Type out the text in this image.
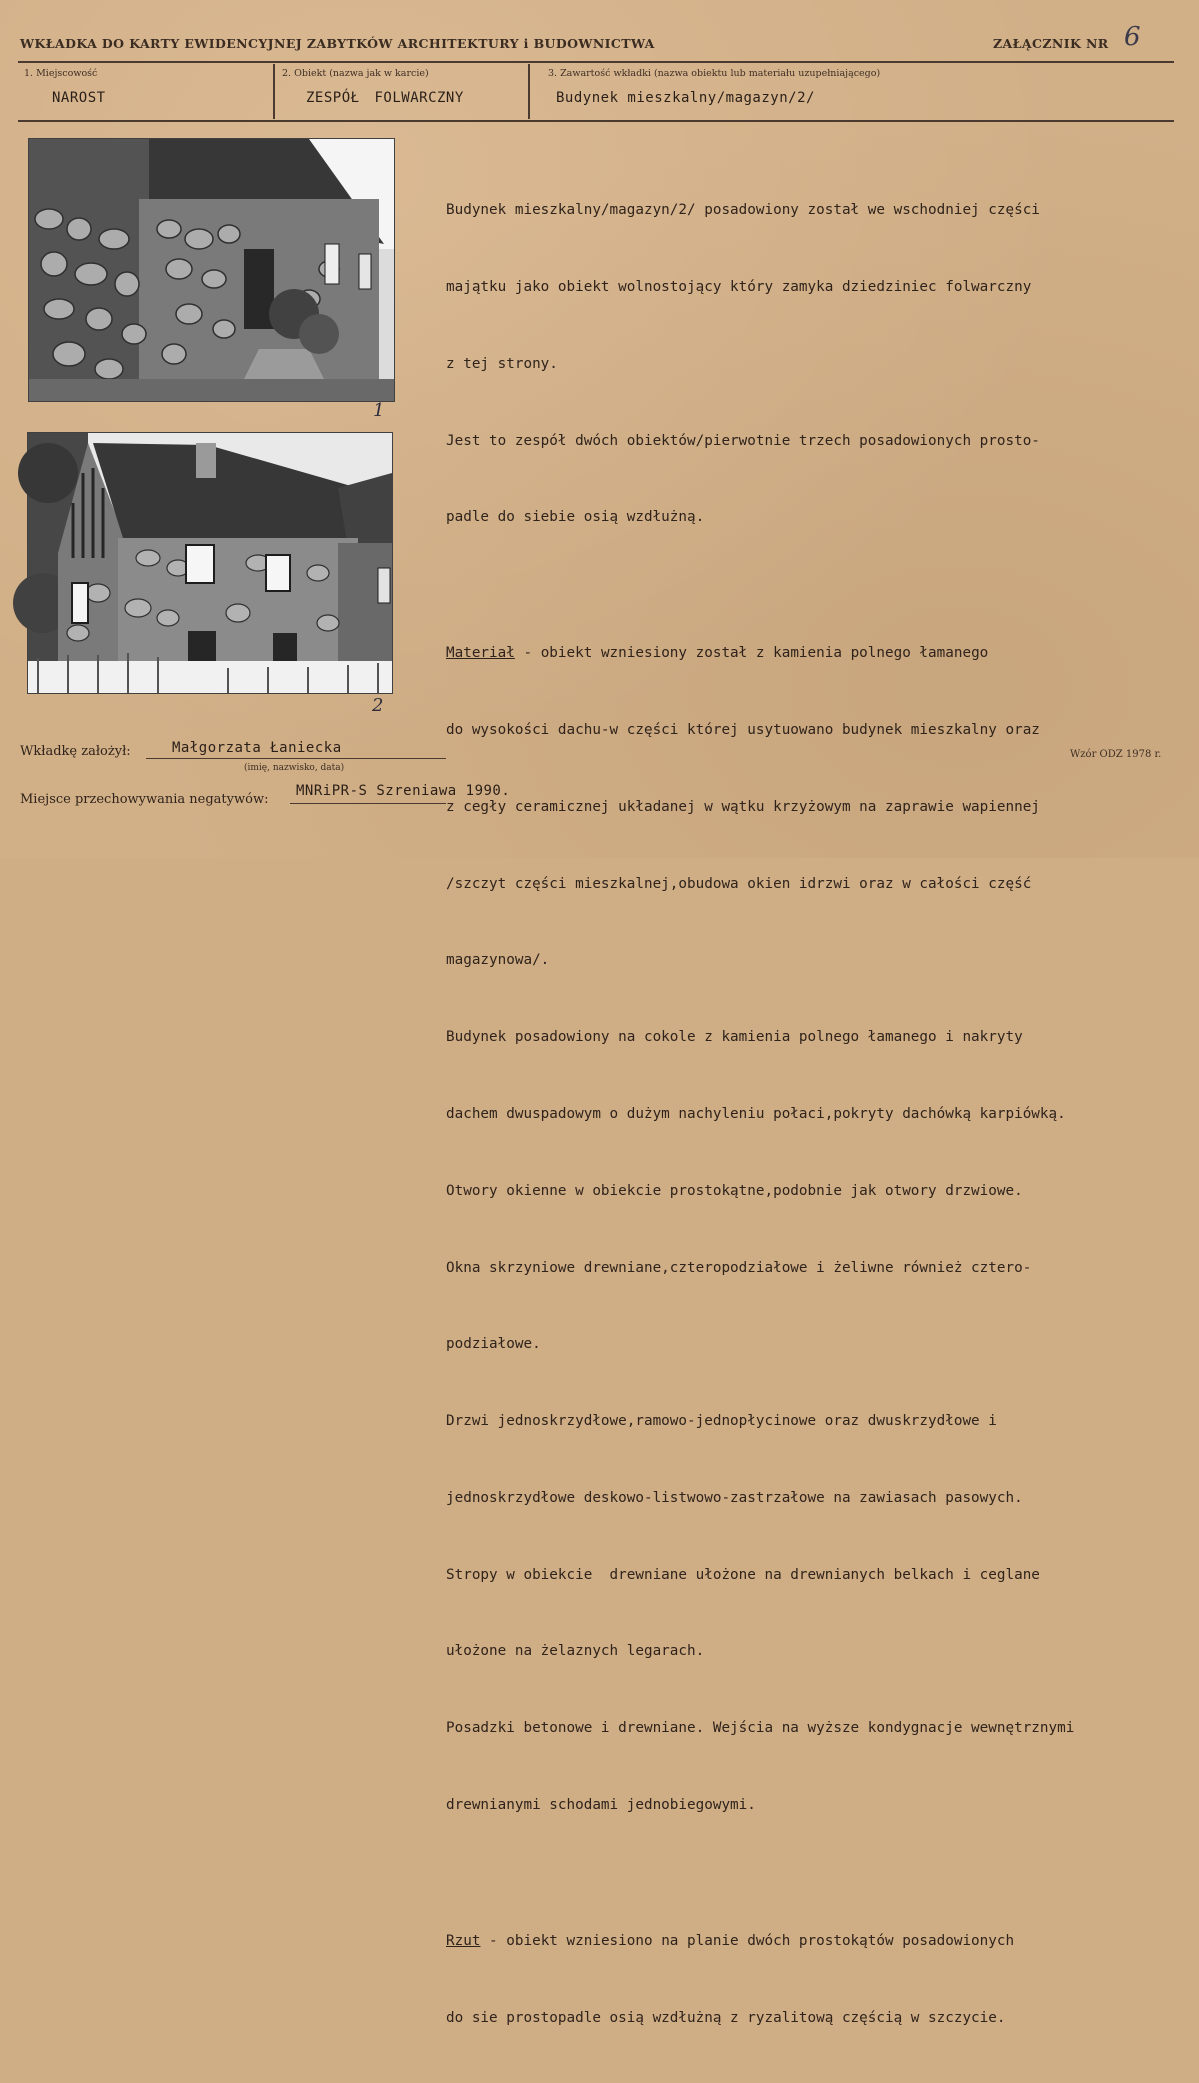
WKŁADKA DO KARTY EWIDENCYJNEJ ZABYTKÓW ARCHITEKTURY i BUDOWNICTWA	ZAŁĄCZNIK NR 6
1. Miejscowość
NAROST
2. Obiekt (nazwa jak w karcie)
ZESPÓŁ FOLWARCZNY
3. Zawartość wkładki (nazwa obiektu lub materiału uzupełniającego)
Budynek mieszkalny/magazyn/2/
1
2

Budynek mieszkalny/magazyn/2/ posadowiony został we wschodniej części

majątku jako obiekt wolnostojący który zamyka dziedziniec folwarczny

z tej strony.

Jest to zespół dwóch obiektów/pierwotnie trzech posadowionych prosto-

padle do siebie osią wzdłużną.

Materiał - obiekt wzniesiony został z kamienia polnego łamanego

do wysokości dachu-w części której usytuowano budynek mieszkalny oraz

z cegły ceramicznej układanej w wątku krzyżowym na zaprawie wapiennej

/szczyt części mieszkalnej,obudowa okien idrzwi oraz w całości część

magazynowa/.

Budynek posadowiony na cokole z kamienia polnego łamanego i nakryty

dachem dwuspadowym o dużym nachyleniu połaci,pokryty dachówką karpiówką.

Otwory okienne w obiekcie prostokątne,podobnie jak otwory drzwiowe.

Okna skrzyniowe drewniane,czteropodziałowe i żeliwne również cztero-

podziałowe.

Drzwi jednoskrzydłowe,ramowo-jednopłycinowe oraz dwuskrzydłowe i

jednoskrzydłowe deskowo-listwowo-zastrzałowe na zawiasach pasowych.

Stropy w obiekcie  drewniane ułożone na drewnianych belkach i ceglane

ułożone na żelaznych legarach.

Posadzki betonowe i drewniane. Wejścia na wyższe kondygnacje wewnętrznymi

drewnianymi schodami jednobiegowymi.

Rzut - obiekt wzniesiono na planie dwóch prostokątów posadowionych

do sie prostopadle osią wzdłużną z ryzalitową częścią w szczycie.

Wkładkę założył:	Małgorzata Łaniecka
(imię, nazwisko, data)
Miejsce przechowywania negatywów:
MNRiPR-S Szreniawa 1990.
Wzór ODZ 1978 r.
